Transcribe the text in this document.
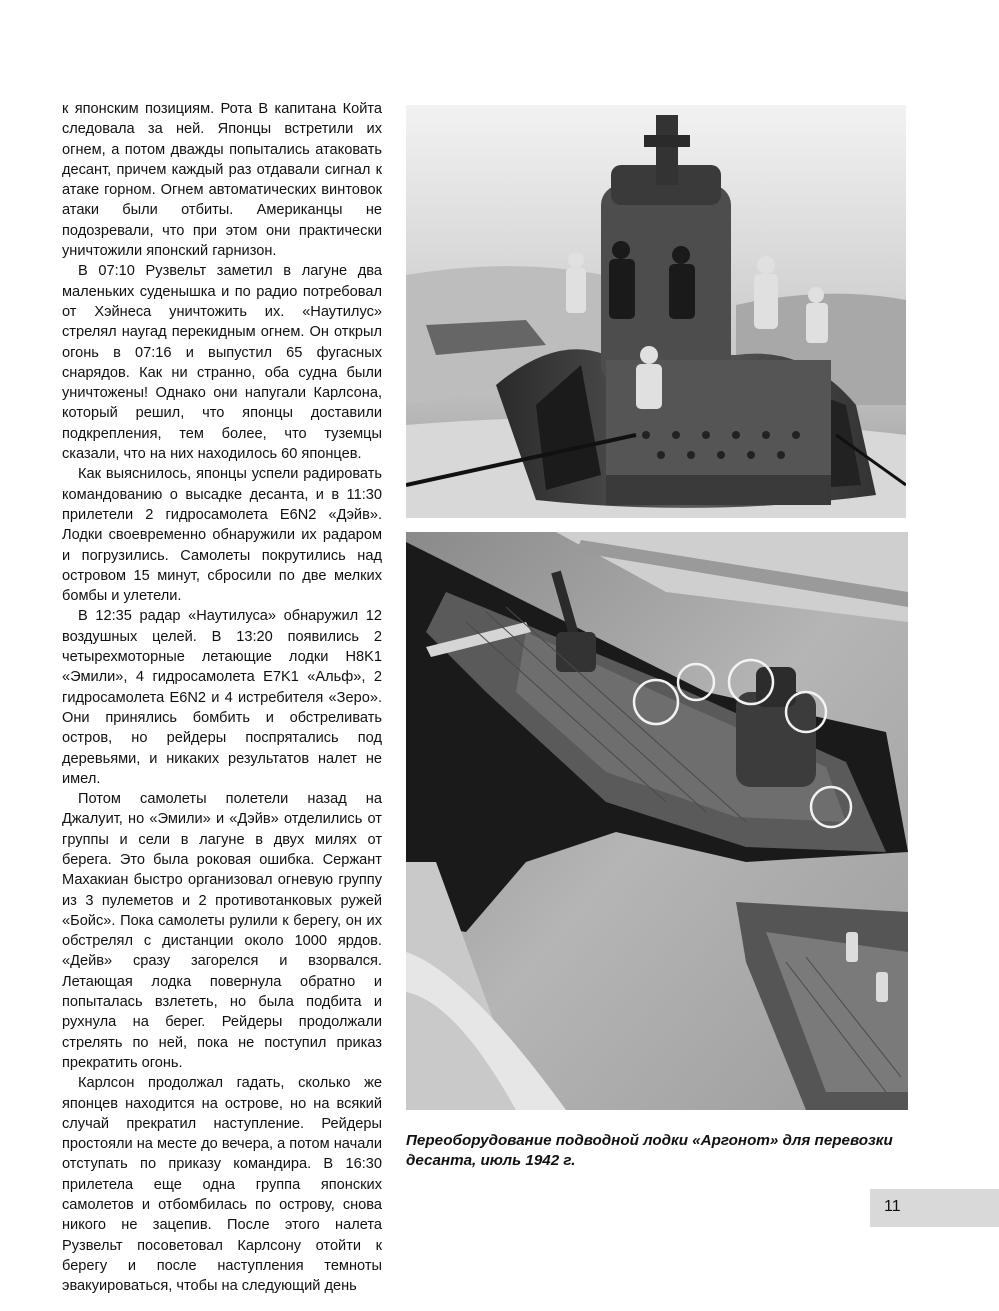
к японским позициям. Рота В капитана Койта следовала за ней. Японцы встретили их огнем, а потом дважды попытались атаковать десант, причем каждый раз отдавали сигнал к атаке горном. Огнем автоматических винтовок атаки были отбиты. Американцы не подозревали, что при этом они практически уничтожили японский гарнизон.

В 07:10 Рузвельт заметил в лагуне два маленьких суденышка и по радио потребовал от Хэйнеса уничтожить их. «Наутилус» стрелял наугад перекидным огнем. Он открыл огонь в 07:16 и выпустил 65 фугасных снарядов. Как ни странно, оба судна были уничтожены! Однако они напугали Карлсона, который решил, что японцы доставили подкрепления, тем более, что туземцы сказали, что на них находилось 60 японцев.

Как выяснилось, японцы успели радировать командованию о высадке десанта, и в 11:30 прилетели 2 гидросамолета E6N2 «Дэйв». Лодки своевременно обнаружили их радаром и погрузились. Самолеты покрутились над островом 15 минут, сбросили по две мелких бомбы и улетели.

В 12:35 радар «Наутилуса» обнаружил 12 воздушных целей. В 13:20 появились 2 четырехмоторные летающие лодки H8K1 «Эмили», 4 гидросамолета E7K1 «Альф», 2 гидросамолета E6N2 и 4 истребителя «Зеро». Они принялись бомбить и обстреливать остров, но рейдеры поспрятались под деревьями, и никаких результатов налет не имел.

Потом самолеты полетели назад на Джалуит, но «Эмили» и «Дэйв» отделились от группы и сели в лагуне в двух милях от берега. Это была роковая ошибка. Сержант Махакиан быстро организовал огневую группу из 3 пулеметов и 2 противотанковых ружей «Бойс». Пока самолеты рулили к берегу, он их обстрелял с дистанции около 1000 ярдов. «Дейв» сразу загорелся и взорвался. Летающая лодка повернула обратно и попыталась взлететь, но была подбита и рухнула на берег. Рейдеры продолжали стрелять по ней, пока не поступил приказ прекратить огонь.

Карлсон продолжал гадать, сколько же японцев находится на острове, но на всякий случай прекратил наступление. Рейдеры простояли на месте до вечера, а потом начали отступать по приказу командира. В 16:30 прилетела еще одна группа японских самолетов и отбомбилась по острову, снова никого не зацепив. После этого налета Рузвельт посоветовал Карлсону отойти к берегу и после наступления темноты эвакуироваться, чтобы на следующий день

Переоборудование подводной лодки «Аргонот» для перевозки десанта, июль 1942 г.
11
